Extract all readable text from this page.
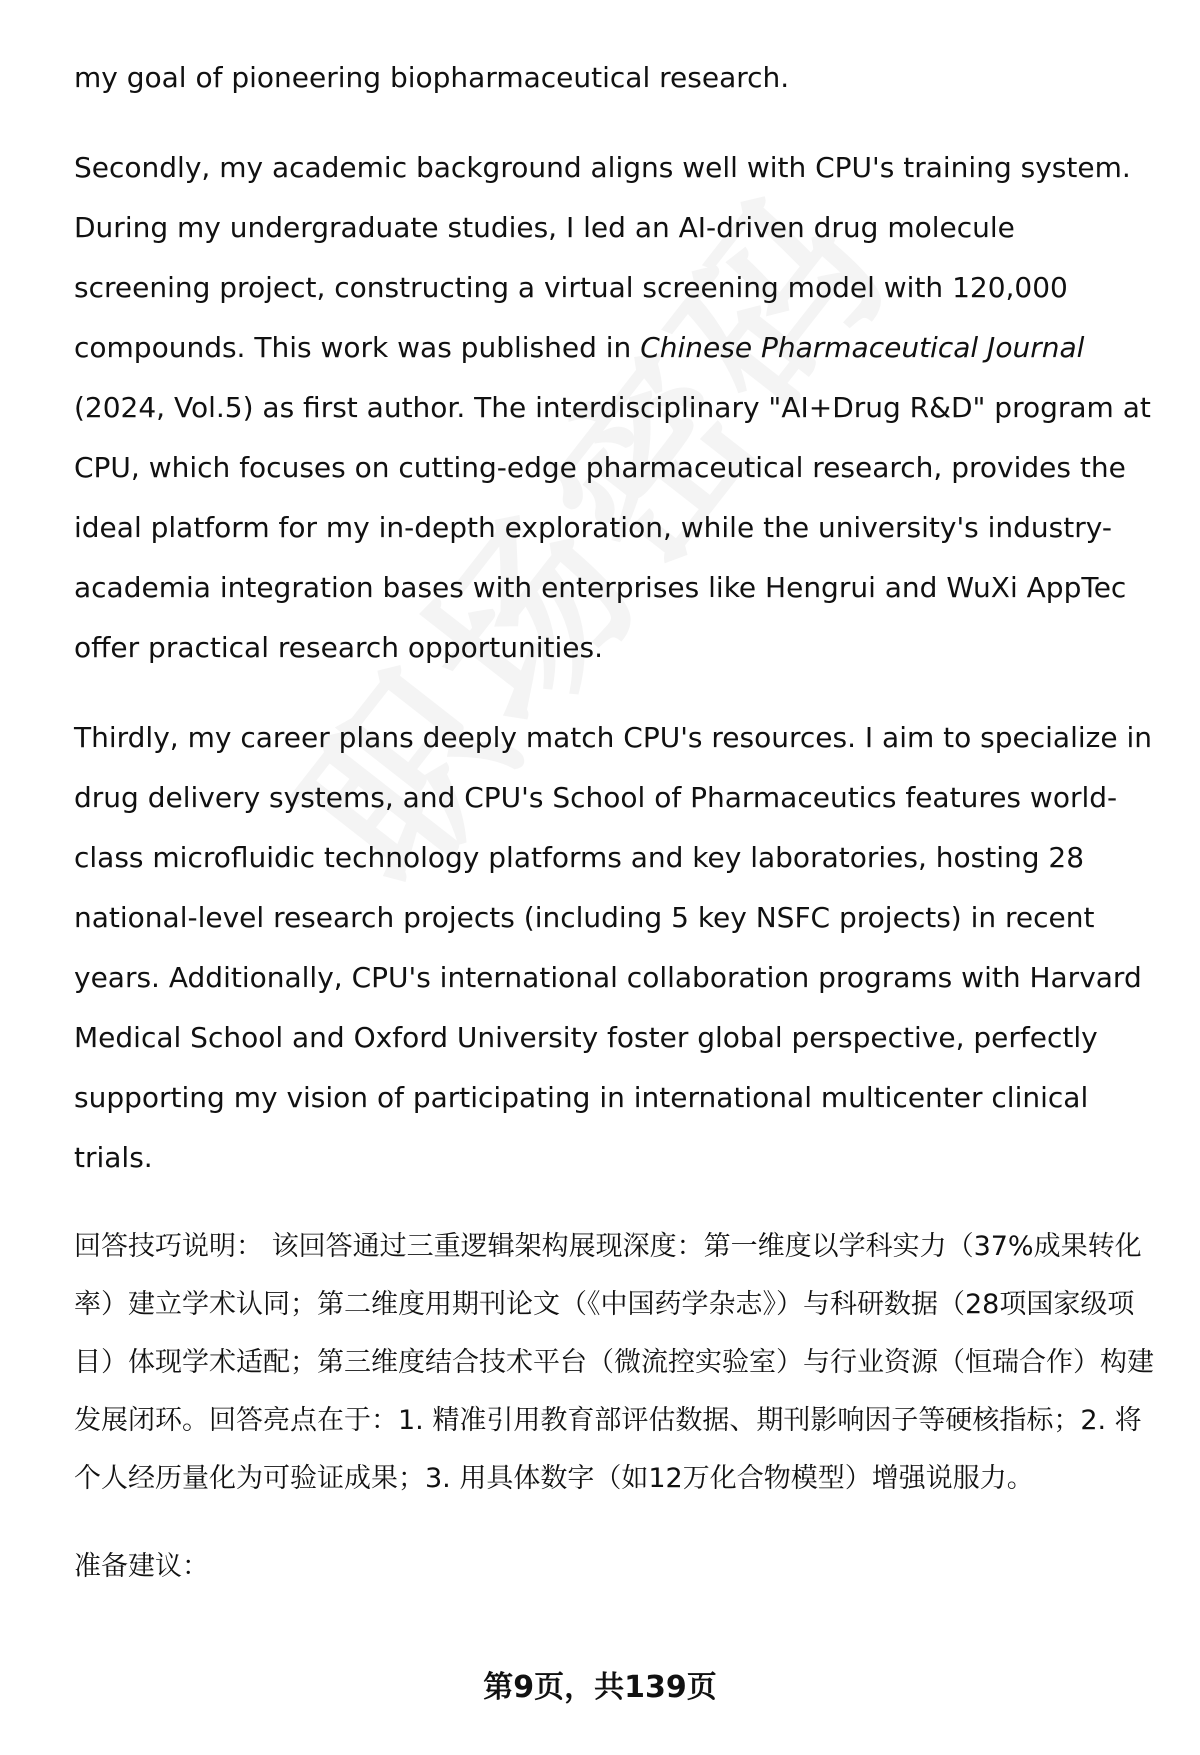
my goal of pioneering biopharmaceutical research.

Secondly, my academic background aligns well with CPU's training system. During my undergraduate studies, I led an AI-driven drug molecule screening project, constructing a virtual screening model with 120,000 compounds. This work was published in Chinese Pharmaceutical Journal (2024, Vol.5) as first author. The interdisciplinary "AI+Drug R&D" program at CPU, which focuses on cutting-edge pharmaceutical research, provides the ideal platform for my in-depth exploration, while the university's industry-academia integration bases with enterprises like Hengrui and WuXi AppTec offer practical research opportunities.

Thirdly, my career plans deeply match CPU's resources. I aim to specialize in drug delivery systems, and CPU's School of Pharmaceutics features world-class microfluidic technology platforms and key laboratories, hosting 28 national-level research projects (including 5 key NSFC projects) in recent years. Additionally, CPU's international collaboration programs with Harvard Medical School and Oxford University foster global perspective, perfectly supporting my vision of participating in international multicenter clinical trials.

回答技巧说明： 该回答通过三重逻辑架构展现深度：第一维度以学科实力（37%成果转化率）建立学术认同；第二维度用期刊论文（《中国药学杂志》）与科研数据（28项国家级项目）体现学术适配；第三维度结合技术平台（微流控实验室）与行业资源（恒瑞合作）构建发展闭环。回答亮点在于：1. 精准引用教育部评估数据、期刊影响因子等硬核指标；2. 将个人经历量化为可验证成果；3. 用具体数字（如12万化合物模型）增强说服力。

准备建议：

第9页，共139页
